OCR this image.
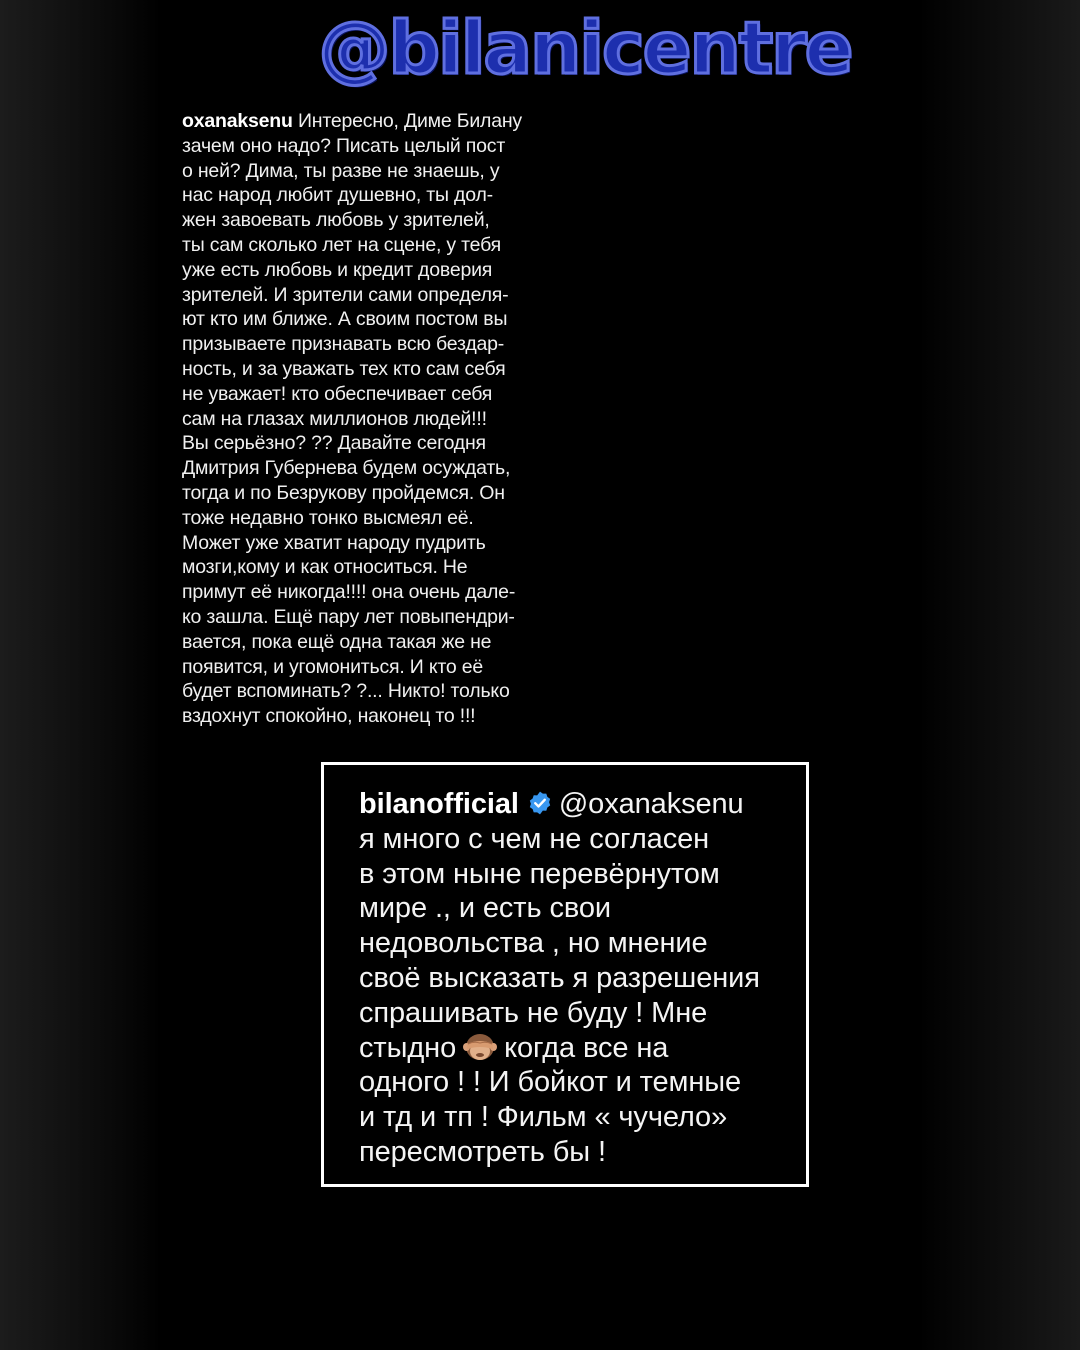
@bilanicentre
oxanaksenu Интересно, Диме Билану
зачем оно надо? Писать целый пост
о ней? Дима, ты разве не знаешь, у
нас народ любит душевно, ты дол-
жен завоевать любовь у зрителей,
ты сам сколько лет на сцене, у тебя
уже есть любовь и кредит доверия
зрителей. И зрители сами определя-
ют кто им ближе. А своим постом вы
призываете признавать всю бездар-
ность, и за уважать тех кто сам себя
не уважает! кто обеспечивает себя
сам на глазах миллионов людей!!!
Вы серьёзно? ?? Давайте сегодня
Дмитрия Губернева будем осуждать,
тогда и по Безрукову пройдемся. Он
тоже недавно тонко высмеял её.
Может уже хватит народу пудрить
мозги,кому и как относиться. Не
примут её никогда!!!! она очень дале-
ко зашла. Ещё пару лет повыпендри-
вается, пока ещё одна такая же не
появится, и угомониться. И кто её
будет вспоминать? ?... Никто! только
вздохнут спокойно, наконец то !!!
bilanofficial @oxanaksenu
я много с чем не согласен
в этом ныне перевёрнутом
мире ., и есть свои
недовольства , но мнение
своё высказать я разрешения
спрашивать не буду ! Мне
стыдно когда все на
одного ! ! И бойкот и темные
и тд и тп ! Фильм « чучело»
пересмотреть бы !
